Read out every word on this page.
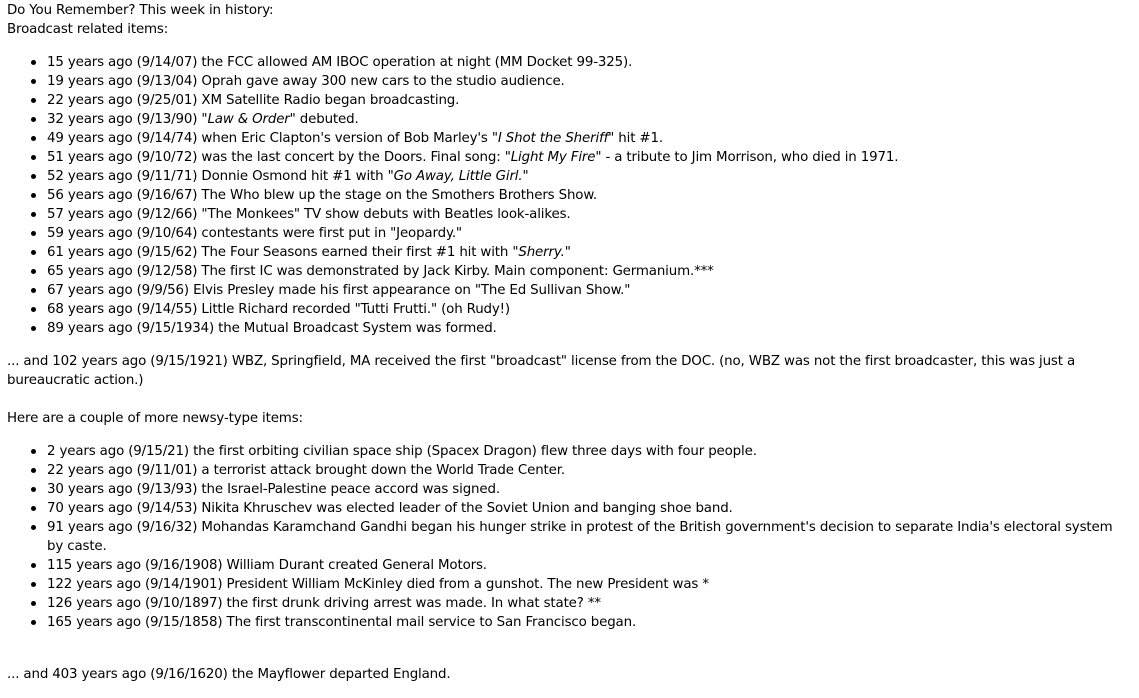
Do You Remember? This week in history:

Broadcast related items:

15 years ago (9/14/07) the FCC allowed AM IBOC operation at night (MM Docket 99-325).
19 years ago (9/13/04) Oprah gave away 300 new cars to the studio audience.
22 years ago (9/25/01) XM Satellite Radio began broadcasting.
32 years ago (9/13/90) "Law & Order" debuted.
49 years ago (9/14/74) when Eric Clapton's version of Bob Marley's "I Shot the Sheriff" hit #1.
51 years ago (9/10/72) was the last concert by the Doors. Final song: "Light My Fire" - a tribute to Jim Morrison, who died in 1971.
52 years ago (9/11/71) Donnie Osmond hit #1 with "Go Away, Little Girl."
56 years ago (9/16/67) The Who blew up the stage on the Smothers Brothers Show.
57 years ago (9/12/66) "The Monkees" TV show debuts with Beatles look-alikes.
59 years ago (9/10/64) contestants were first put in "Jeopardy."
61 years ago (9/15/62) The Four Seasons earned their first #1 hit with "Sherry."
65 years ago (9/12/58) The first IC was demonstrated by Jack Kirby. Main component: Germanium.***
67 years ago (9/9/56) Elvis Presley made his first appearance on "The Ed Sullivan Show."
68 years ago (9/14/55) Little Richard recorded "Tutti Frutti." (oh Rudy!)
89 years ago (9/15/1934) the Mutual Broadcast System was formed.

... and 102 years ago (9/15/1921) WBZ, Springfield, MA received the first "broadcast" license from the DOC. (no, WBZ was not the first broadcaster, this was just a bureaucratic action.)

Here are a couple of more newsy-type items:

2 years ago (9/15/21) the first orbiting civilian space ship (Spacex Dragon) flew three days with four people.
22 years ago (9/11/01) a terrorist attack brought down the World Trade Center.
30 years ago (9/13/93) the Israel-Palestine peace accord was signed.
70 years ago (9/14/53) Nikita Khruschev was elected leader of the Soviet Union and banging shoe band.
91 years ago (9/16/32) Mohandas Karamchand Gandhi began his hunger strike in protest of the British government's decision to separate India's electoral system by caste.
115 years ago (9/16/1908) William Durant created General Motors.
122 years ago (9/14/1901) President William McKinley died from a gunshot. The new President was *
126 years ago (9/10/1897) the first drunk driving arrest was made. In what state? **
165 years ago (9/15/1858) The first transcontinental mail service to San Francisco began.

... and 403 years ago (9/16/1620) the Mayflower departed England.
